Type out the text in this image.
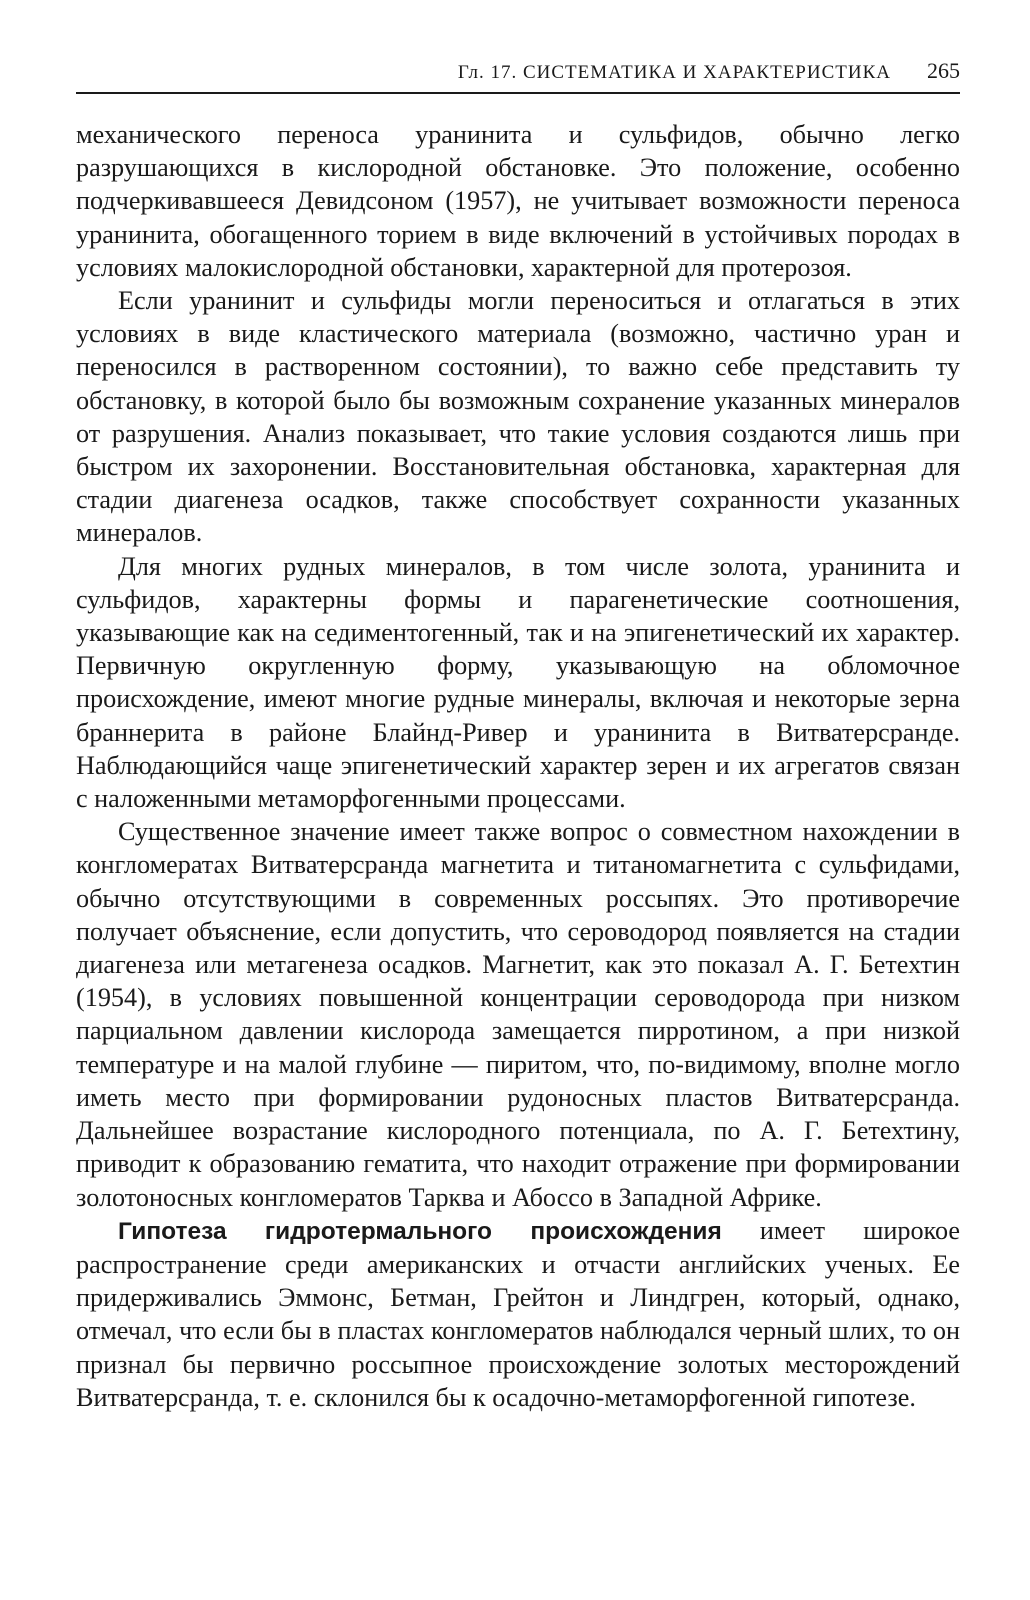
Гл. 17. СИСТЕМАТИКА И ХАРАКТЕРИСТИКА 265

механического переноса уранинита и сульфидов, обычно легко разрушающихся в кислородной обстановке. Это положение, особенно подчеркивавшееся Девидсоном (1957), не учитывает возможности переноса уранинита, обогащенного торием в виде включений в устойчивых породах в условиях малокислородной обстановки, характерной для протерозоя.

Если уранинит и сульфиды могли переноситься и отлагаться в этих условиях в виде кластического материала (возможно, частично уран и переносился в растворенном состоянии), то важно себе представить ту обстановку, в которой было бы возможным сохранение указанных минералов от разрушения. Анализ показывает, что такие условия создаются лишь при быстром их захоронении. Восстановительная обстановка, характерная для стадии диагенеза осадков, также способствует сохранности указанных минералов.

Для многих рудных минералов, в том числе золота, уранинита и сульфидов, характерны формы и парагенетические соотношения, указывающие как на седиментогенный, так и на эпигенетический их характер. Первичную округленную форму, указывающую на обломочное происхождение, имеют многие рудные минералы, включая и некоторые зерна браннерита в районе Блайнд-Ривер и уранинита в Витватерсранде. Наблюдающийся чаще эпигенетический характер зерен и их агрегатов связан с наложенными метаморфогенными процессами.

Существенное значение имеет также вопрос о совместном нахождении в конгломератах Витватерсранда магнетита и титаномагнетита с сульфидами, обычно отсутствующими в современных россыпях. Это противоречие получает объяснение, если допустить, что сероводород появляется на стадии диагенеза или метагенеза осадков. Магнетит, как это показал А. Г. Бетехтин (1954), в условиях повышенной концентрации сероводорода при низком парциальном давлении кислорода замещается пирротином, а при низкой температуре и на малой глубине — пиритом, что, по-видимому, вполне могло иметь место при формировании рудоносных пластов Витватерсранда. Дальнейшее возрастание кислородного потенциала, по А. Г. Бетехтину, приводит к образованию гематита, что находит отражение при формировании золотоносных конгломератов Тарква и Абоссо в Западной Африке.

Гипотеза гидротермального происхождения имеет широкое распространение среди американских и отчасти английских ученых. Ее придерживались Эммонс, Бетман, Грейтон и Линдгрен, который, однако, отмечал, что если бы в пластах конгломератов наблюдался черный шлих, то он признал бы первично россыпное происхождение золотых месторождений Витватерсранда, т. е. склонился бы к осадочно-метаморфогенной гипотезе.
